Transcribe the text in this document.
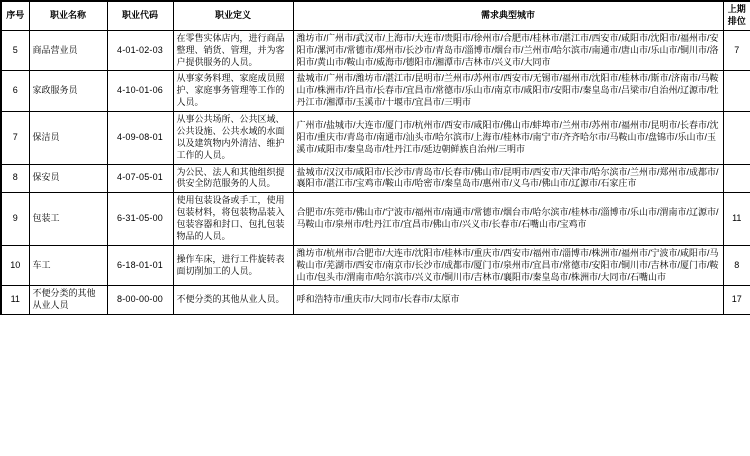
序号	职业名称	职业代码	职业定义	需求典型城市	上期
排位
5	商品营业员	4-01-02-03	在零售实体店内，进行商品整理、销货、管理，并为客户提供服务的人员。	潍坊市/广州市/武汉市/上海市/大连市/贵阳市/徐州市/合肥市/桂林市/湛江市/西安市/咸阳市/沈阳市/福州市/安阳市/漯河市/常德市/郑州市/长沙市/青岛市/淄博市/烟台市/兰州市/哈尔滨市/南通市/唐山市/乐山市/铜川市/洛阳市/黄山市/鞍山市/威海市/德阳市/湘潭市/吉林市/兴义市/大同市	7
6	家政服务员	4-10-01-06	从事家务料理、家庭成员照护、家庭事务管理等工作的人员。	盐城市/广州市/潍坊市/湛江市/昆明市/兰州市/苏州市/西安市/无锡市/福州市/沈阳市/桂林市/斯市/济南市/马鞍山市/株洲市/许昌市/长春市/宜昌市/常德市/乐山市/南京市/咸阳市/安阳市/秦皇岛市/吕梁市/自治州/辽源市/牡丹江市/湘潭市/玉溪市/十堰市/宜昌市/三明市	
7	保洁员	4-09-08-01	从事公共场所、公共区域、公共设施、公共水域的水面以及建筑物内外清洁、维护工作的人员。	广州市/盐城市/大连市/厦门市/杭州市/西安市/咸阳市/佛山市/蚌埠市/兰州市/苏州市/福州市/昆明市/长春市/沈阳市/重庆市/青岛市/南通市/汕头市/哈尔滨市/上海市/桂林市/南宁市/齐齐哈尔市/马鞍山市/盘锦市/乐山市/玉溪市/咸阳市/秦皇岛市/牡丹江市/延边朝鲜族自治州/三明市	
8	保安员	4-07-05-01	为公民、法人和其他组织提供安全防范服务的人员。	盐城市/汉汉市/咸阳市/长沙市/青岛市/长春市/佛山市/昆明市/西安市/天津市/哈尔滨市/兰州市/郑州市/成都市/襄阳市/湛江市/宝鸡市/鞍山市/哈密市/秦皇岛市/惠州市/义乌市/佛山市/辽源市/石家庄市	
9	包装工	6-31-05-00	使用包装设备或手工，使用包装材料，将包装物品装入包装容器和封口、包扎包装物品的人员。	合肥市/东莞市/佛山市/宁波市/福州市/南通市/常德市/烟台市/哈尔滨市/桂林市/淄博市/乐山市/渭南市/辽源市/马鞍山市/泉州市/牡丹江市/宜昌市/佛山市/兴义市/长春市/石嘴山市/宝鸡市	11
10	车工	6-18-01-01	操作车床，进行工件旋转表面切削加工的人员。	潍坊市/杭州市/合肥市/大连市/沈阳市/桂林市/重庆市/西安市/福州市/淄博市/株洲市/福州市/宁波市/咸阳市/马鞍山市/芜湖市/西安市/南京市/长沙市/成都市/厦门市/泉州市/宜昌市/常德市/安阳市/铜川市/吉林市/厦门市/鞍山市/包头市/渭南市/哈尔滨市/兴义市/铜川市/吉林市/襄阳市/秦皇岛市/株洲市/大同市/石嘴山市	8
11	不便分类的其他从业人员	8-00-00-00	不便分类的其他从业人员。	呼和浩特市/重庆市/大同市/长春市/太原市	17
